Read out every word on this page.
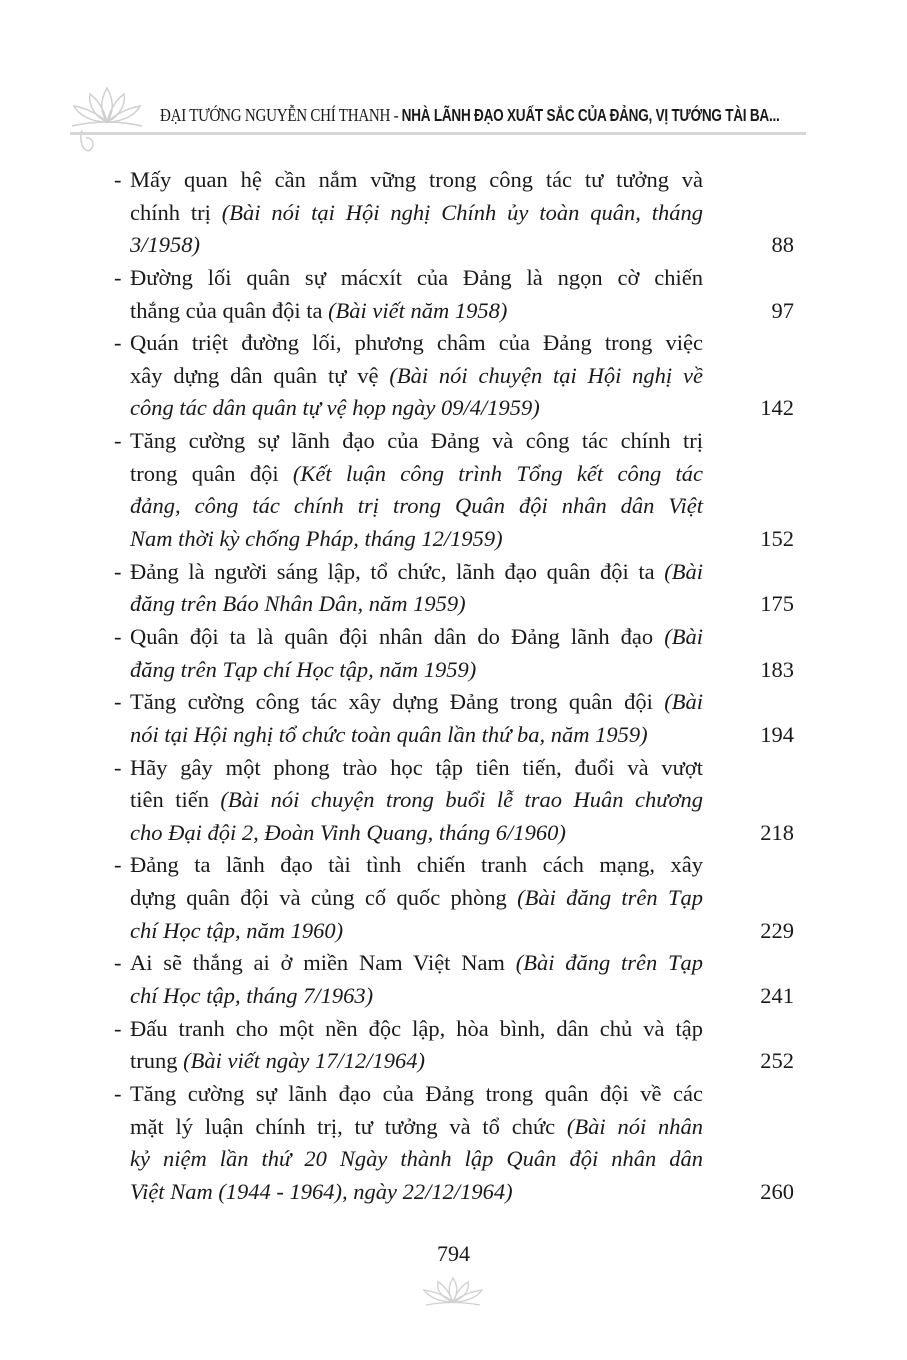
ĐẠI TƯỚNG NGUYỄN CHÍ THANH - NHÀ LÃNH ĐẠO XUẤT SẮC CỦA ĐẢNG, VỊ TƯỚNG TÀI BA...
- Mấy quan hệ cần nắm vững trong công tác tư tưởng và
chính trị (Bài nói tại Hội nghị Chính ủy toàn quân, tháng
3/1958)	88
- Đường lối quân sự mácxít của Đảng là ngọn cờ chiến
thắng của quân đội ta (Bài viết năm 1958)	97
- Quán triệt đường lối, phương châm của Đảng trong việc
xây dựng dân quân tự vệ (Bài nói chuyện tại Hội nghị về
công tác dân quân tự vệ họp ngày 09/4/1959)	142
- Tăng cường sự lãnh đạo của Đảng và công tác chính trị
trong quân đội (Kết luận công trình Tổng kết công tác
đảng, công tác chính trị trong Quân đội nhân dân Việt
Nam thời kỳ chống Pháp, tháng 12/1959)	152
- Đảng là người sáng lập, tổ chức, lãnh đạo quân đội ta (Bài
đăng trên Báo Nhân Dân, năm 1959)	175
- Quân đội ta là quân đội nhân dân do Đảng lãnh đạo (Bài
đăng trên Tạp chí Học tập, năm 1959)	183
- Tăng cường công tác xây dựng Đảng trong quân đội (Bài
nói tại Hội nghị tổ chức toàn quân lần thứ ba, năm 1959)	194
- Hãy gây một phong trào học tập tiên tiến, đuổi và vượt
tiên tiến (Bài nói chuyện trong buổi lễ trao Huân chương
cho Đại đội 2, Đoàn Vinh Quang, tháng 6/1960)	218
- Đảng ta lãnh đạo tài tình chiến tranh cách mạng, xây
dựng quân đội và củng cố quốc phòng (Bài đăng trên Tạp
chí Học tập, năm 1960)	229
- Ai sẽ thắng ai ở miền Nam Việt Nam (Bài đăng trên Tạp
chí Học tập, tháng 7/1963)	241
- Đấu tranh cho một nền độc lập, hòa bình, dân chủ và tập
trung (Bài viết ngày 17/12/1964)	252
- Tăng cường sự lãnh đạo của Đảng trong quân đội về các
mặt lý luận chính trị, tư tưởng và tổ chức (Bài nói nhân
kỷ niệm lần thứ 20 Ngày thành lập Quân đội nhân dân
Việt Nam (1944 - 1964), ngày 22/12/1964)	260
794
